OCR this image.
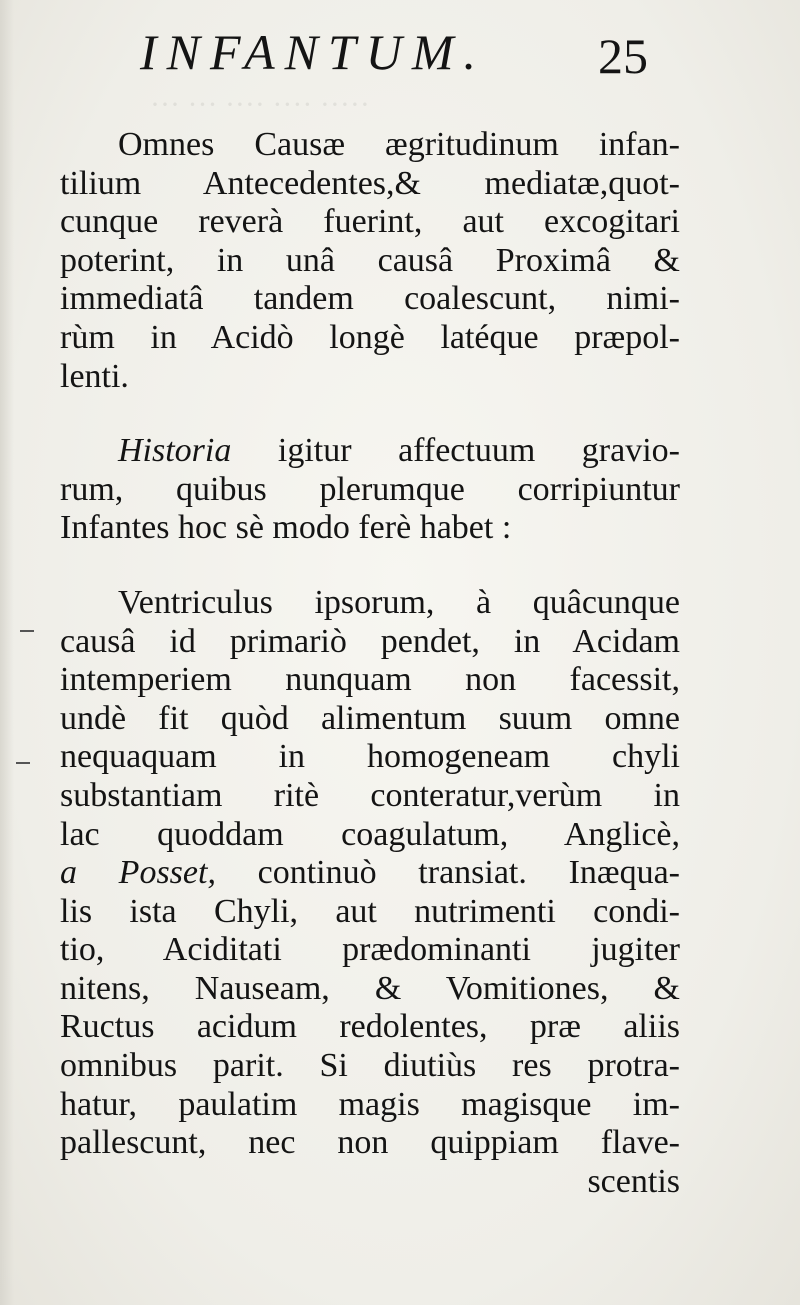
··· ··· ···· ···· ·····
INFANTUM. 25
Omnes Causæ ægritudinum infan-
tilium Antecedentes,& mediatæ,quot-
cunque reverà fuerint, aut excogitari
poterint, in unâ causâ Proximâ &
immediatâ tandem coalescunt, nimi-
rùm in Acidò longè latéque præpol-
lenti.
Historia igitur affectuum gravio-
rum, quibus plerumque corripiuntur
Infantes hoc sè modo ferè habet :
Ventriculus ipsorum, à quâcunque
causâ id primariò pendet, in Acidam
intemperiem nunquam non facessit,
undè fit quòd alimentum suum omne
nequaquam in homogeneam chyli
substantiam ritè conteratur,verùm in
lac quoddam coagulatum, Anglicè,
a Posset, continuò transiat. Inæqua-
lis ista Chyli, aut nutrimenti condi-
tio, Aciditati prædominanti jugiter
nitens, Nauseam, & Vomitiones, &
Ructus acidum redolentes, præ aliis
omnibus parit. Si diutiùs res protra-
hatur, paulatim magis magisque im-
pallescunt, nec non quippiam flave-
scentis
